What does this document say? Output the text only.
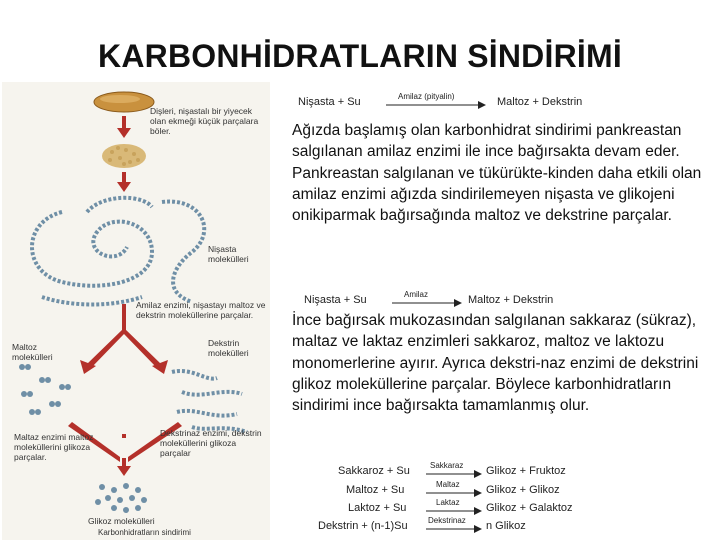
KARBONHİDRATLARIN SİNDİRİMİ
Dişleri, nişastalı bir yiyecek olan ekmeği küçük parçalara böler.
Nişasta molekülleri
Amilaz enzimi, nişastayı maltoz ve dekstrin moleküllerine parçalar.
Maltoz molekülleri
Dekstrin molekülleri
Maltaz enzimi maltoz moleküllerini glikoza parçalar.
Dekstrinaz enzimi, dekstrin moleküllerini glikoza parçalar
Glikoz molekülleri
Karbonhidratların sindirimi
Nişasta + Su	Amilaz (pityalin)	Maltoz + Dekstrin
Ağızda başlamış olan karbonhidrat sindirimi pankreastan salgılanan amilaz enzimi ile ince bağırsakta devam eder. Pankreastan salgılanan ve tükürükte-kinden daha etkili olan amilaz enzimi ağızda sindirilemeyen nişasta ve glikojeni onikiparmak bağırsağında maltoz ve dekstrine parçalar.
Nişasta + Su	Amilaz	Maltoz + Dekstrin
İnce bağırsak mukozasından salgılanan sakkaraz (sükraz), maltaz ve laktaz enzimleri sakkaroz, maltoz ve laktozu monomerlerine ayırır. Ayrıca dekstri-naz enzimi de dekstrini glikoz moleküllerine parçalar. Böylece karbonhidratların sindirimi ince bağırsakta tamamlanmış olur.
Sakkaroz + Su	Sakkaraz → Glikoz + Fruktoz
Maltoz + Su	Maltaz → Glikoz + Glikoz
Laktoz + Su	Laktaz → Glikoz + Galaktoz
Dekstrin + (n-1)Su	Dekstrinaz → n Glikoz
